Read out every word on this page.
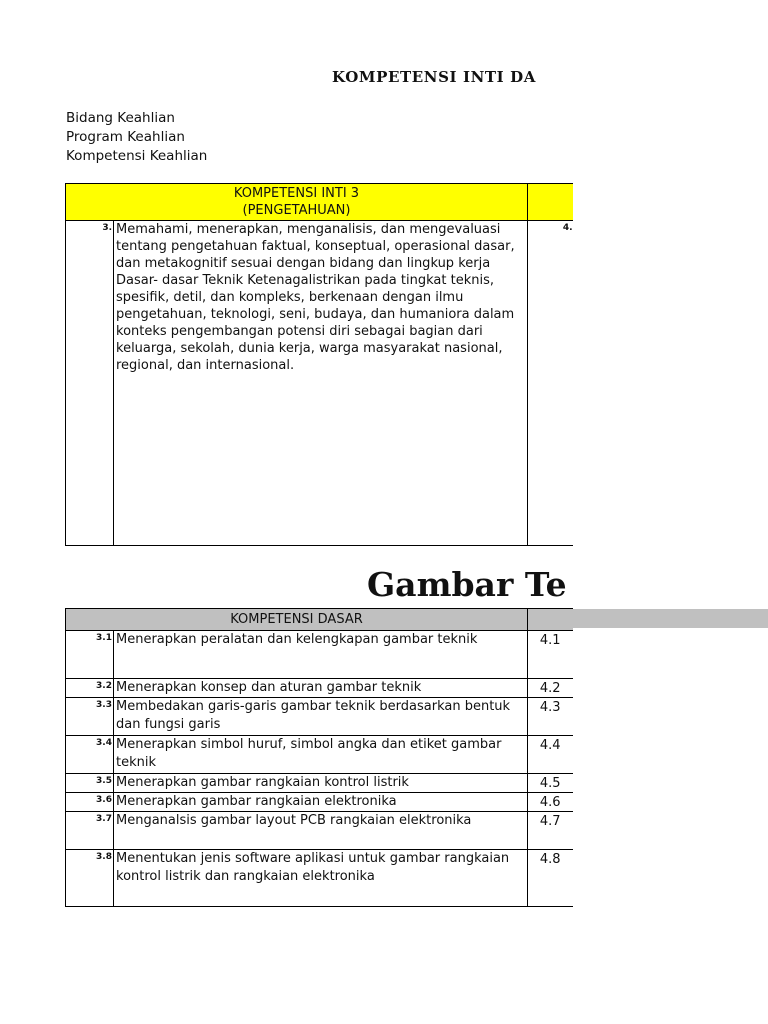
KOMPETENSI INTI DA
Bidang Keahlian
Program Keahlian
Kompetensi Keahlian
KOMPETENSI INTI 3
(PENGETAHUAN)		

3.	Memahami, menerapkan, menganalisis, dan mengevaluasi tentang pengetahuan faktual, konseptual, operasional dasar, dan metakognitif sesuai dengan bidang dan lingkup kerja Dasar- dasar Teknik Ketenagalistrikan pada tingkat teknis, spesifik, detil, dan kompleks, berkenaan dengan ilmu pengetahuan, teknologi, seni, budaya, dan humaniora dalam konteks pengembangan potensi diri sebagai bagian dari keluarga, sekolah, dunia kerja, warga masyarakat nasional, regional, dan internasional.	4.
Gambar Te
KOMPETENSI DASAR		
3.1	Menerapkan peralatan dan kelengkapan gambar teknik	4.1
3.2	Menerapkan konsep dan aturan gambar teknik	4.2
3.3	Membedakan garis-garis gambar teknik berdasarkan bentuk dan fungsi garis	4.3
3.4	Menerapkan simbol huruf, simbol angka dan etiket gambar teknik	4.4
3.5	Menerapkan gambar rangkaian kontrol listrik	4.5
3.6	Menerapkan gambar rangkaian elektronika	4.6
3.7	Menganalsis gambar layout PCB rangkaian elektronika	4.7
3.8	Menentukan jenis software aplikasi untuk gambar rangkaian kontrol listrik dan rangkaian elektronika	4.8
